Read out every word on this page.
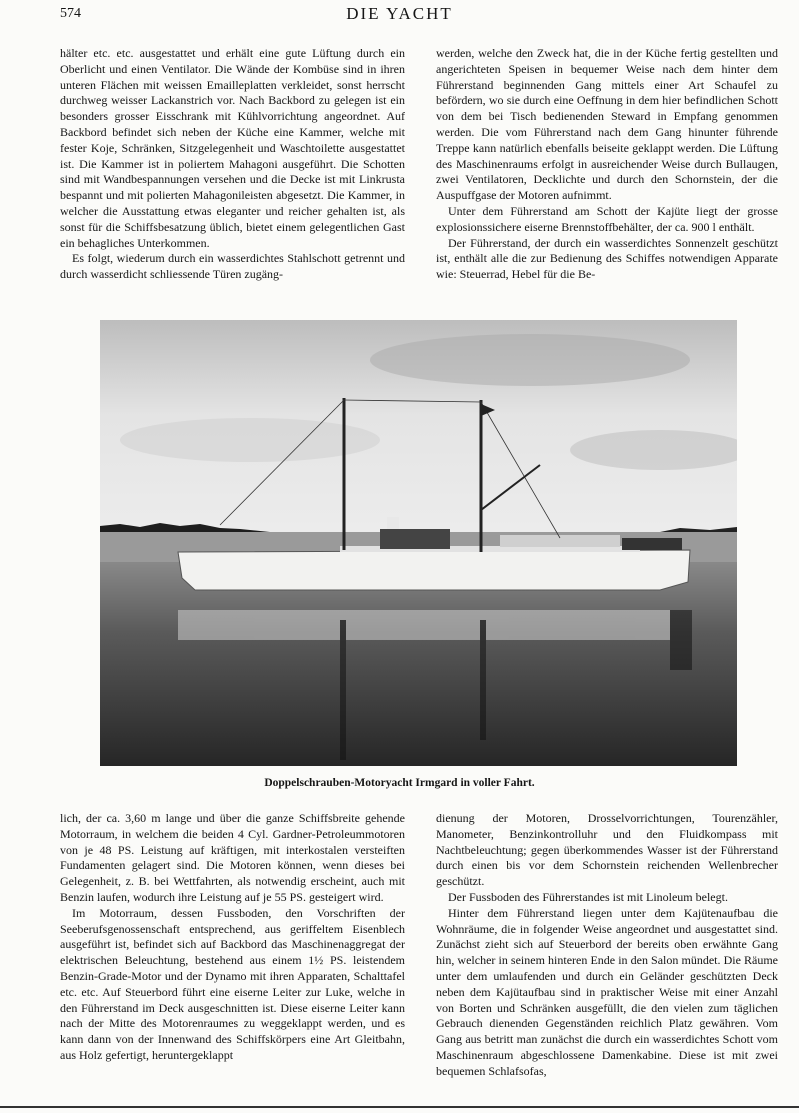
574	DIE YACHT

hälter etc. etc. ausgestattet und erhält eine gute Lüftung durch ein Oberlicht und einen Ventilator. Die Wände der Kombüse sind in ihren unteren Flächen mit weissen Emailleplatten verkleidet, sonst herrscht durchweg weisser Lackanstrich vor. Nach Backbord zu gelegen ist ein besonders grosser Eisschrank mit Kühlvorrichtung angeordnet. Auf Backbord befindet sich neben der Küche eine Kammer, welche mit fester Koje, Schränken, Sitzgelegenheit und Waschtoilette ausgestattet ist. Die Kammer ist in poliertem Mahagoni ausgeführt. Die Schotten sind mit Wandbespannungen versehen und die Decke ist mit Linkrusta bespannt und mit polierten Mahagonileisten abgesetzt. Die Kammer, in welcher die Ausstattung etwas eleganter und reicher gehalten ist, als sonst für die Schiffsbesatzung üblich, bietet einem gelegentlichen Gast ein behagliches Unterkommen.

Es folgt, wiederum durch ein wasserdichtes Stahlschott getrennt und durch wasserdicht schliessende Türen zugäng-

werden, welche den Zweck hat, die in der Küche fertig gestellten und angerichteten Speisen in bequemer Weise nach dem hinter dem Führerstand beginnenden Gang mittels einer Art Schaufel zu befördern, wo sie durch eine Oeffnung in dem hier befindlichen Schott von dem bei Tisch bedienenden Steward in Empfang genommen werden. Die vom Führerstand nach dem Gang hinunter führende Treppe kann natürlich ebenfalls beiseite geklappt werden. Die Lüftung des Maschinenraums erfolgt in ausreichender Weise durch Bullaugen, zwei Ventilatoren, Decklichte und durch den Schornstein, der die Auspuffgase der Motoren aufnimmt.

Unter dem Führerstand am Schott der Kajüte liegt der grosse explosionssichere eiserne Brennstoffbehälter, der ca. 900 l enthält.

Der Führerstand, der durch ein wasserdichtes Sonnenzelt geschützt ist, enthält alle die zur Bedienung des Schiffes notwendigen Apparate wie: Steuerrad, Hebel für die Be-

Doppelschrauben-Motoryacht Irmgard in voller Fahrt.

lich, der ca. 3,60 m lange und über die ganze Schiffsbreite gehende Motorraum, in welchem die beiden 4 Cyl. Gardner-Petroleummotoren von je 48 PS. Leistung auf kräftigen, mit interkostalen versteiften Fundamenten gelagert sind. Die Motoren können, wenn dieses bei Gelegenheit, z. B. bei Wettfahrten, als notwendig erscheint, auch mit Benzin laufen, wodurch ihre Leistung auf je 55 PS. gesteigert wird.

Im Motorraum, dessen Fussboden, den Vorschriften der Seeberufsgenossenschaft entsprechend, aus geriffeltem Eisenblech ausgeführt ist, befindet sich auf Backbord das Maschinenaggregat der elektrischen Beleuchtung, bestehend aus einem 1½ PS. leistendem Benzin-Grade-Motor und der Dynamo mit ihren Apparaten, Schalttafel etc. etc. Auf Steuerbord führt eine eiserne Leiter zur Luke, welche in den Führerstand im Deck ausgeschnitten ist. Diese eiserne Leiter kann nach der Mitte des Motorenraumes zu weggeklappt werden, und es kann dann von der Innenwand des Schiffskörpers eine Art Gleitbahn, aus Holz gefertigt, heruntergeklappt

dienung der Motoren, Drosselvorrichtungen, Tourenzähler, Manometer, Benzinkontrolluhr und den Fluidkompass mit Nachtbeleuchtung; gegen überkommendes Wasser ist der Führerstand durch einen bis vor dem Schornstein reichenden Wellenbrecher geschützt.

Der Fussboden des Führerstandes ist mit Linoleum belegt.

Hinter dem Führerstand liegen unter dem Kajütenaufbau die Wohnräume, die in folgender Weise angeordnet und ausgestattet sind. Zunächst zieht sich auf Steuerbord der bereits oben erwähnte Gang hin, welcher in seinem hinteren Ende in den Salon mündet. Die Räume unter dem umlaufenden und durch ein Geländer geschützten Deck neben dem Kajütaufbau sind in praktischer Weise mit einer Anzahl von Borten und Schränken ausgefüllt, die den vielen zum täglichen Gebrauch dienenden Gegenständen reichlich Platz gewähren. Vom Gang aus betritt man zunächst die durch ein wasserdichtes Schott vom Maschinenraum abgeschlossene Damenkabine. Diese ist mit zwei bequemen Schlafsofas,
